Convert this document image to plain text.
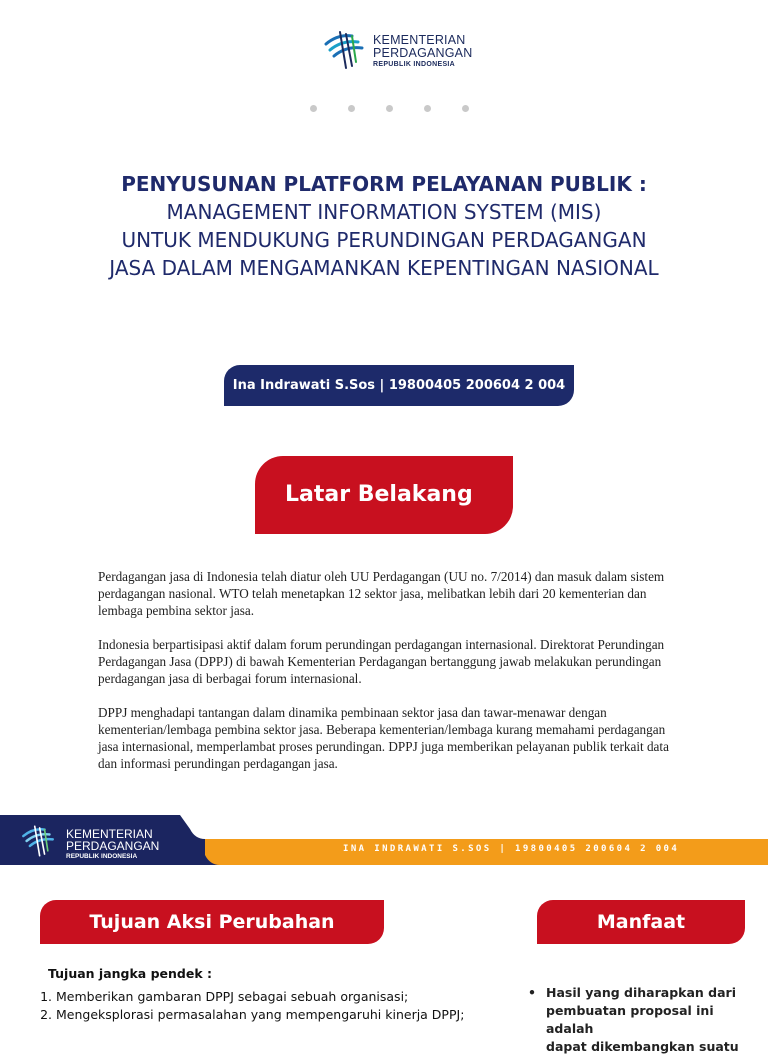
KEMENTERIAN
PERDAGANGAN
REPUBLIK INDONESIA
PENYUSUNAN PLATFORM PELAYANAN PUBLIK :
MANAGEMENT INFORMATION SYSTEM (MIS)
UNTUK MENDUKUNG PERUNDINGAN PERDAGANGAN
JASA DALAM MENGAMANKAN KEPENTINGAN NASIONAL
Ina Indrawati S.Sos | 19800405 200604 2 004
Latar Belakang

Perdagangan jasa di Indonesia telah diatur oleh UU Perdagangan (UU no. 7/2014) dan masuk dalam sistem perdagangan nasional. WTO telah menetapkan 12 sektor jasa, melibatkan lebih dari 20 kementerian dan lembaga pembina sektor jasa.

Indonesia berpartisipasi aktif dalam forum perundingan perdagangan internasional. Direktorat Perundingan Perdagangan Jasa (DPPJ) di bawah Kementerian Perdagangan bertanggung jawab melakukan perundingan perdagangan jasa di berbagai forum internasional.

DPPJ menghadapi tantangan dalam dinamika pembinaan sektor jasa dan tawar-menawar dengan kementerian/lembaga pembina sektor jasa. Beberapa kementerian/lembaga kurang memahami perdagangan jasa internasional, memperlambat proses perundingan. DPPJ juga memberikan pelayanan publik terkait data dan informasi perundingan perdagangan jasa.

KEMENTERIAN
PERDAGANGAN
REPUBLIK INDONESIA
INA INDRAWATI S.SOS | 19800405 200604 2 004
Tujuan Aksi Perubahan	Manfaat
Tujuan jangka pendek :
1. Memberikan gambaran DPPJ sebagai sebuah organisasi;
2. Mengeksplorasi permasalahan yang mempengaruhi kinerja DPPJ;
• Hasil yang diharapkan dari
pembuatan proposal ini adalah
dapat dikembangkan suatu
